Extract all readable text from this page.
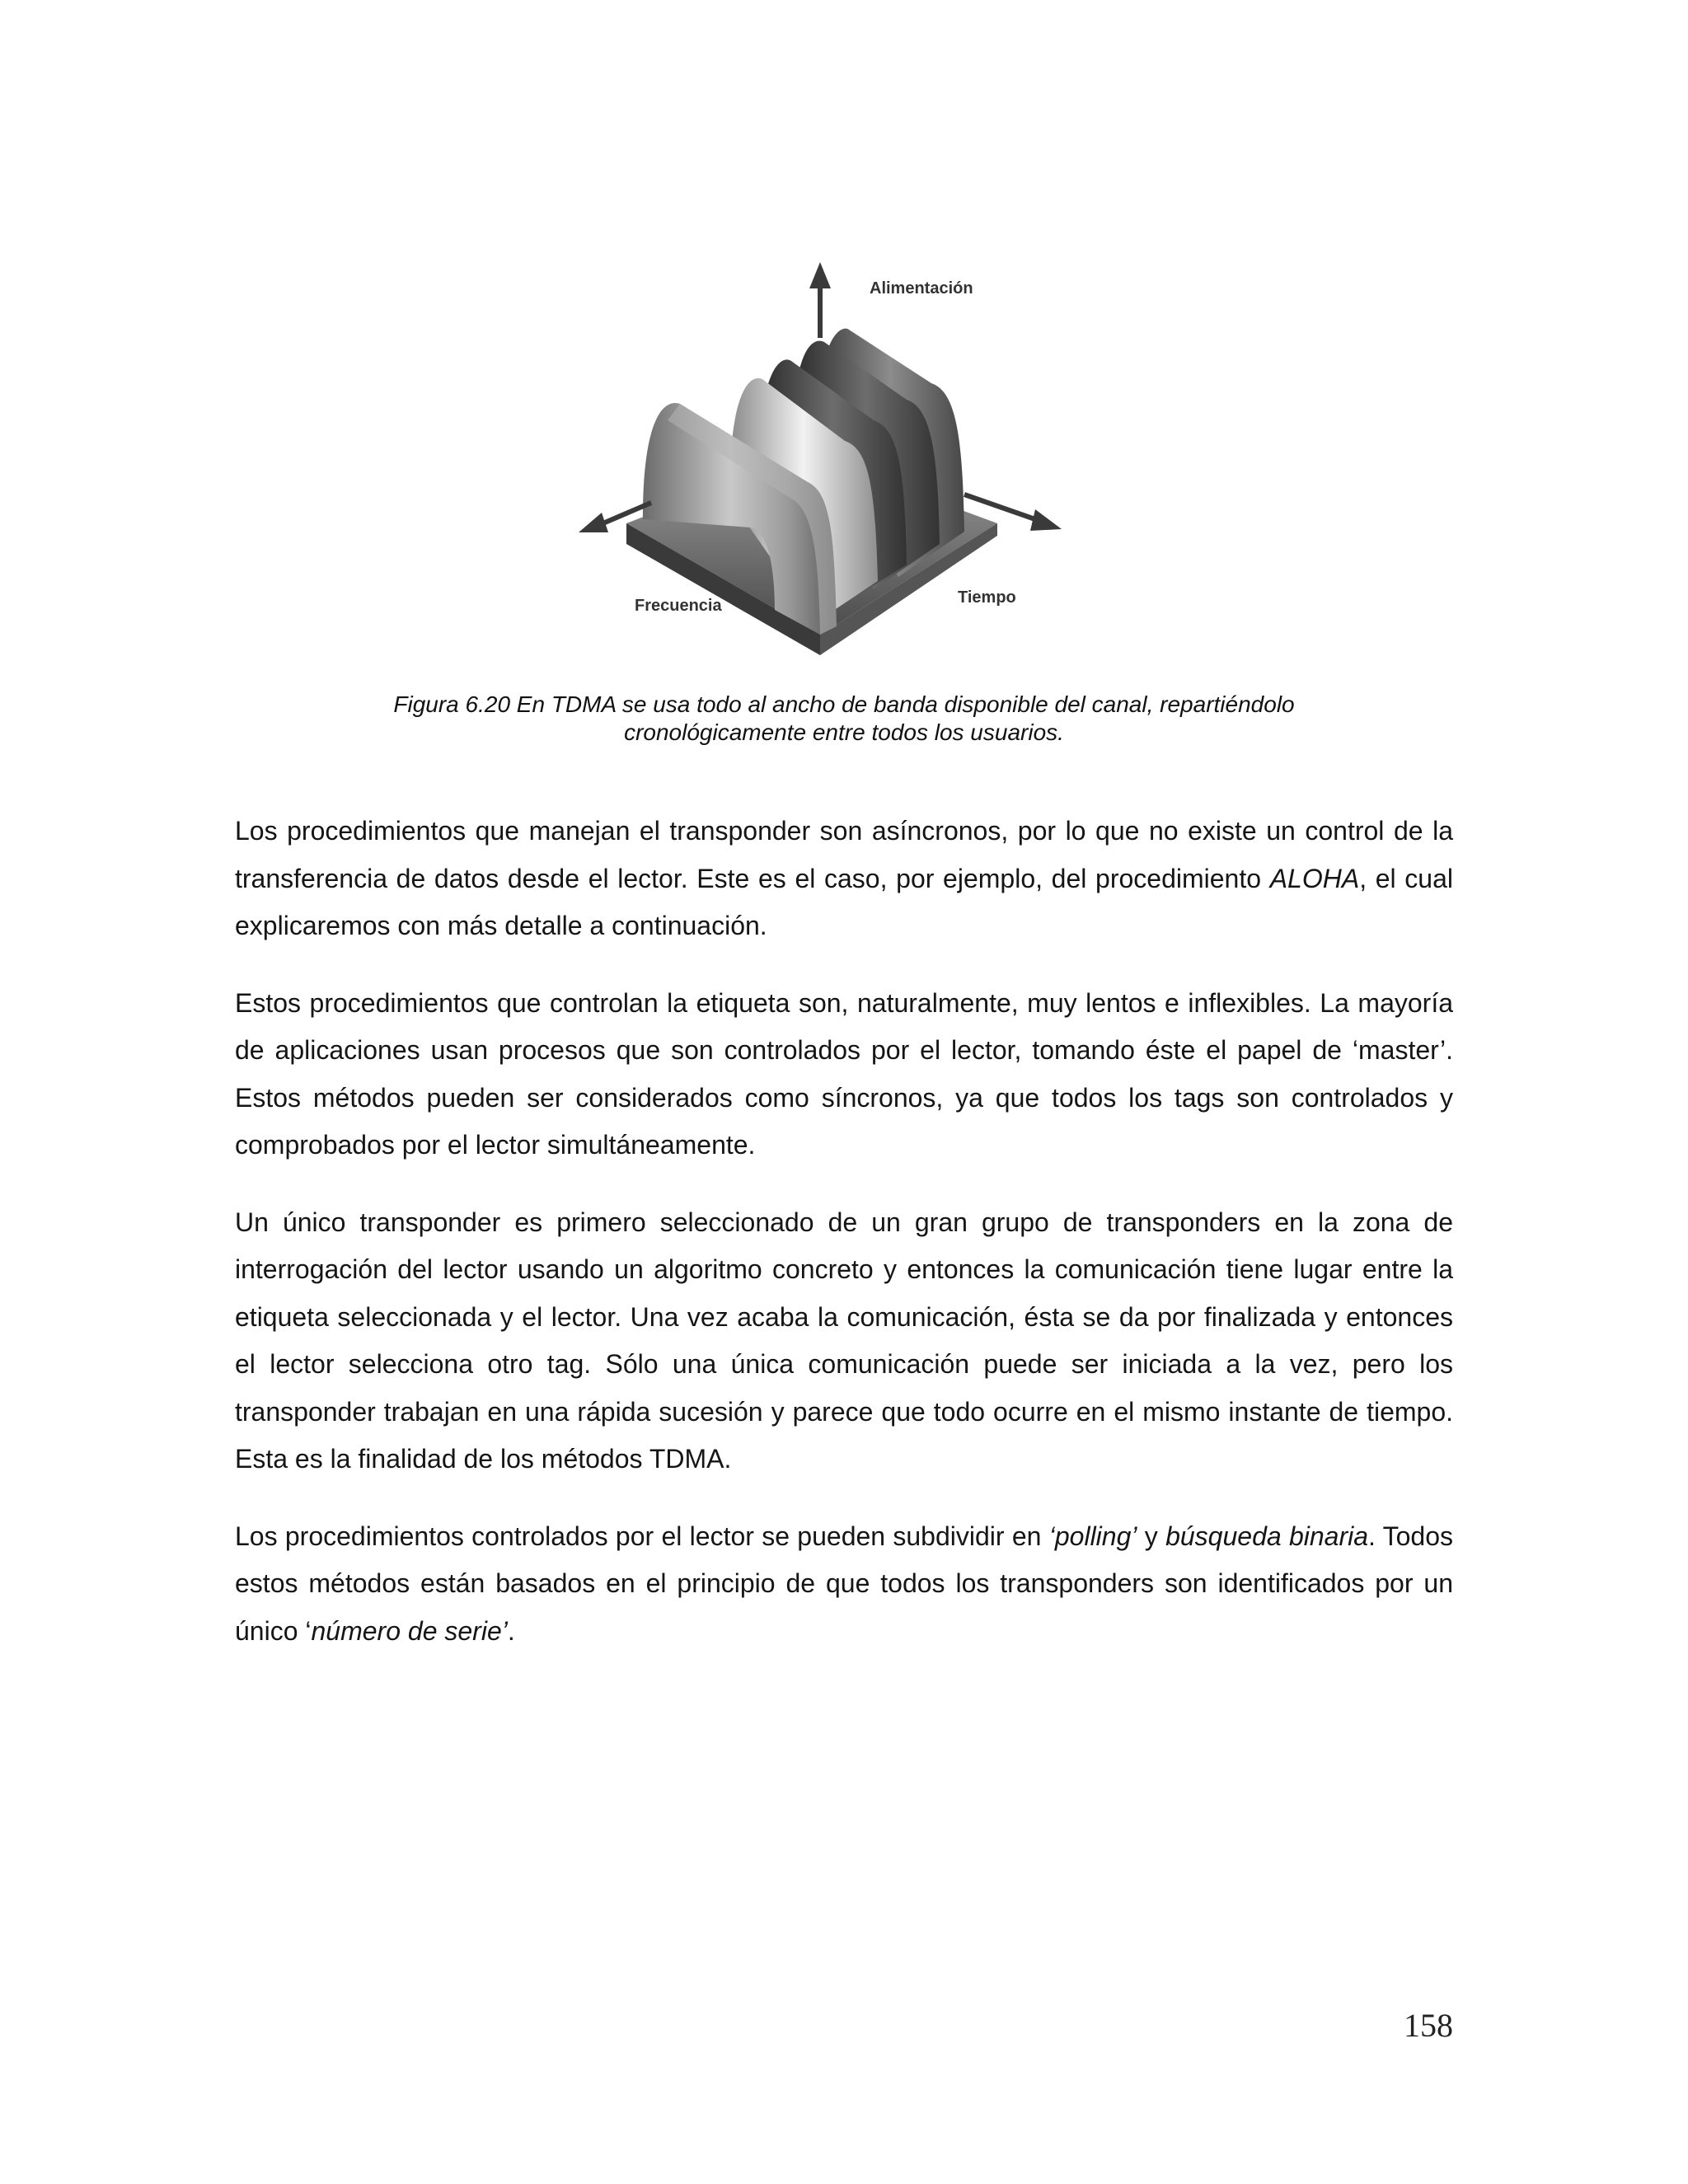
Alimentación
Frecuencia	Tiempo
Figura 6.20 En TDMA se usa todo al ancho de banda disponible del canal, repartiéndolo
cronológicamente entre todos los usuarios.

Los procedimientos que manejan el transponder son asíncronos, por lo que no existe un control de la transferencia de datos desde el lector. Este es el caso, por ejemplo, del procedimiento ALOHA, el cual explicaremos con más detalle a continuación.

Estos procedimientos que controlan la etiqueta son, naturalmente, muy lentos e inflexibles. La mayoría de aplicaciones usan procesos que son controlados por el lector, tomando éste el papel de ‘master’. Estos métodos pueden ser considerados como síncronos, ya que todos los tags son controlados y comprobados por el lector simultáneamente.

Un único transponder es primero seleccionado de un gran grupo de transponders en la zona de interrogación del lector usando un algoritmo concreto y entonces la comunicación tiene lugar entre la etiqueta seleccionada y el lector. Una vez acaba la comunicación, ésta se da por finalizada y entonces el lector selecciona otro tag. Sólo una única comunicación puede ser iniciada a la vez, pero los transponder trabajan en una rápida sucesión y parece que todo ocurre en el mismo instante de tiempo. Esta es la finalidad de los métodos TDMA.

Los procedimientos controlados por el lector se pueden subdividir en ‘polling’ y búsqueda binaria. Todos estos métodos están basados en el principio de que todos los transponders son identificados por un único ‘número de serie’.

158
